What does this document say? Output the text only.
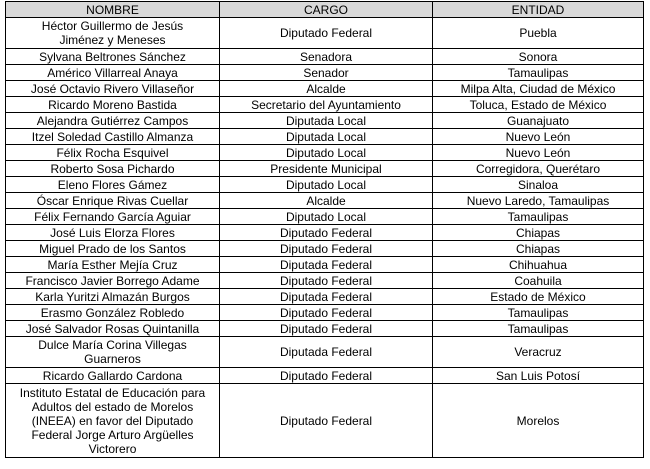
NOMBRE	CARGO	ENTIDAD
Héctor Guillermo de Jesús Jiménez y Meneses	Diputado Federal	Puebla
Sylvana Beltrones Sánchez	Senadora	Sonora
Américo Villarreal Anaya	Senador	Tamaulipas
José Octavio Rivero Villaseñor	Alcalde	Milpa Alta, Ciudad de México
Ricardo Moreno Bastida	Secretario del Ayuntamiento	Toluca, Estado de México
Alejandra Gutiérrez Campos	Diputada Local	Guanajuato
Itzel Soledad Castillo Almanza	Diputada Local	Nuevo León
Félix Rocha Esquivel	Diputado Local	Nuevo León
Roberto Sosa Pichardo	Presidente Municipal	Corregidora, Querétaro
Eleno Flores Gámez	Diputado Local	Sinaloa
Óscar Enrique Rivas Cuellar	Alcalde	Nuevo Laredo, Tamaulipas
Félix Fernando García Aguiar	Diputado Local	Tamaulipas
José Luis Elorza Flores	Diputado Federal	Chiapas
Miguel Prado de los Santos	Diputado Federal	Chiapas
María Esther Mejía Cruz	Diputada Federal	Chihuahua
Francisco Javier Borrego Adame	Diputado Federal	Coahuila
Karla Yuritzi Almazán Burgos	Diputada Federal	Estado de México
Erasmo González Robledo	Diputado Federal	Tamaulipas
José Salvador Rosas Quintanilla	Diputado Federal	Tamaulipas
Dulce María Corina Villegas Guarneros	Diputada Federal	Veracruz
Ricardo Gallardo Cardona	Diputado Federal	San Luis Potosí
Instituto Estatal de Educación para Adultos del estado de Morelos (INEEA) en favor del Diputado Federal Jorge Arturo Argüelles Victorero	Diputado Federal	Morelos
